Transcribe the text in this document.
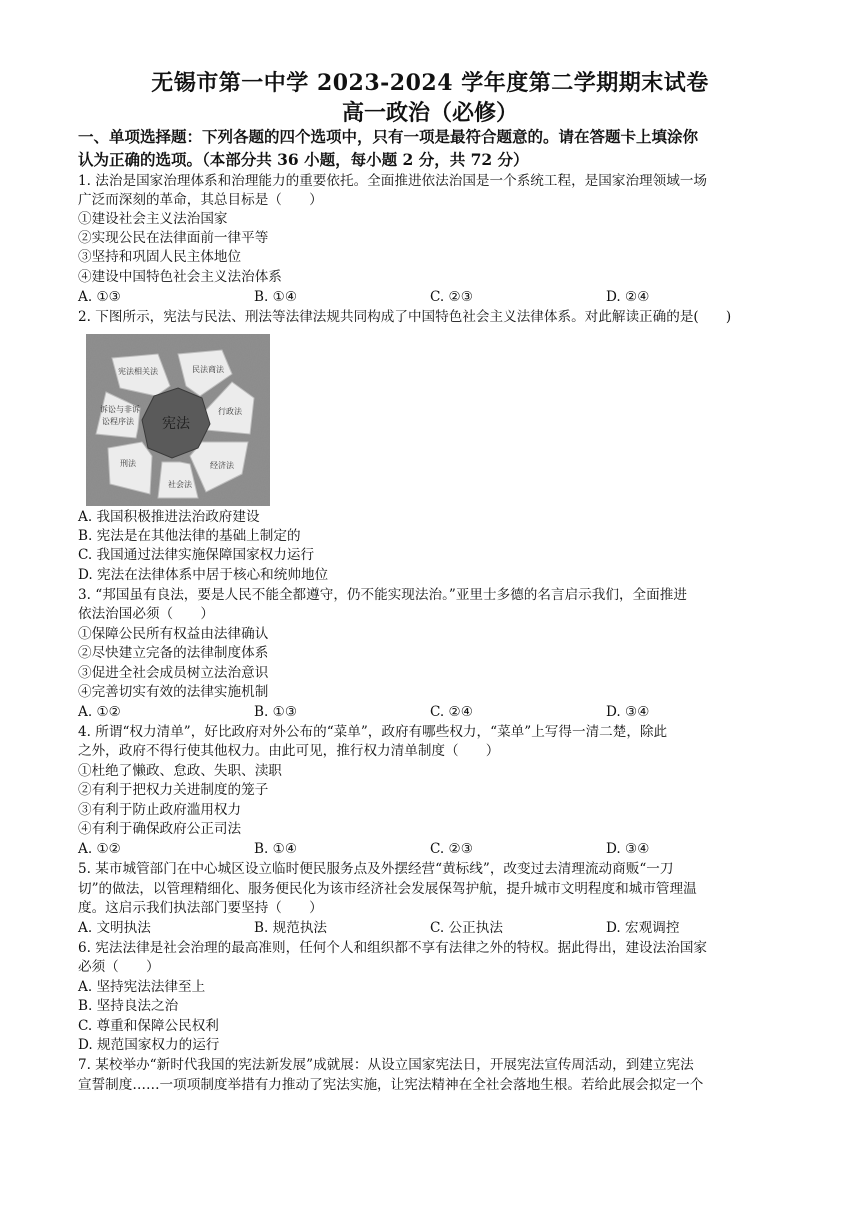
无锡市第一中学 2023-2024 学年度第二学期期末试卷
高一政治（必修）
一、单项选择题：下列各题的四个选项中，只有一项是最符合题意的。请在答题卡上填涂你
认为正确的选项。（本部分共 36 小题，每小题 2 分，共 72 分）
1. 法治是国家治理体系和治理能力的重要依托。全面推进依法治国是一个系统工程，是国家治理领域一场
广泛而深刻的革命，其总目标是（　　）
①建设社会主义法治国家
②实现公民在法律面前一律平等
③坚持和巩固人民主体地位
④建设中国特色社会主义法治体系
A. ①③	B. ①④	C. ②③	D. ②④
2. 下图所示，宪法与民法、刑法等法律法规共同构成了中国特色社会主义法律体系。对此解读正确的是(　　)
宪法
宪法相关法	民法商法
行政法
经济法
社会法
刑法
诉讼与非诉
讼程序法
A. 我国积极推进法治政府建设
B. 宪法是在其他法律的基础上制定的
C. 我国通过法律实施保障国家权力运行
D. 宪法在法律体系中居于核心和统帅地位
3. “邦国虽有良法，要是人民不能全都遵守，仍不能实现法治。”亚里士多德的名言启示我们，全面推进
依法治国必须（　　）
①保障公民所有权益由法律确认
②尽快建立完备的法律制度体系
③促进全社会成员树立法治意识
④完善切实有效的法律实施机制
A. ①②	B. ①③	C. ②④	D. ③④
4. 所谓“权力清单”，好比政府对外公布的“菜单”，政府有哪些权力，“菜单”上写得一清二楚，除此
之外，政府不得行使其他权力。由此可见，推行权力清单制度（　　）
①杜绝了懒政、怠政、失职、渎职
②有利于把权力关进制度的笼子
③有利于防止政府滥用权力
④有利于确保政府公正司法
A. ①②	B. ①④	C. ②③	D. ③④
5. 某市城管部门在中心城区设立临时便民服务点及外摆经营“黄标线”，改变过去清理流动商贩“一刀
切”的做法，以管理精细化、服务便民化为该市经济社会发展保驾护航，提升城市文明程度和城市管理温
度。这启示我们执法部门要坚持（　　）
A. 文明执法	B. 规范执法	C. 公正执法	D. 宏观调控
6. 宪法法律是社会治理的最高准则，任何个人和组织都不享有法律之外的特权。据此得出，建设法治国家
必须（　　）
A. 坚持宪法法律至上
B. 坚持良法之治
C. 尊重和保障公民权利
D. 规范国家权力的运行
7. 某校举办“新时代我国的宪法新发展”成就展：从设立国家宪法日，开展宪法宣传周活动，到建立宪法
宣誓制度……一项项制度举措有力推动了宪法实施，让宪法精神在全社会落地生根。若给此展会拟定一个
